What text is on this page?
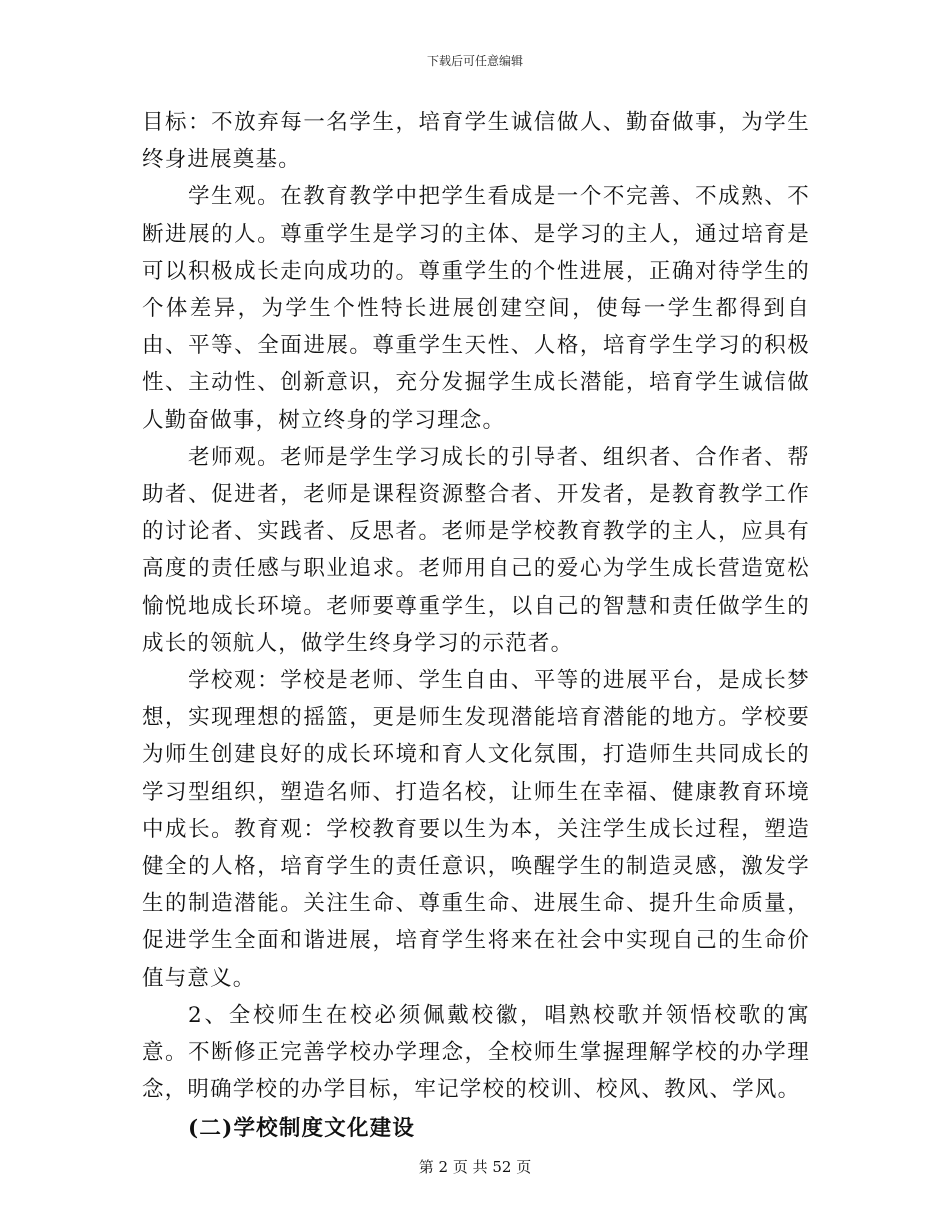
下载后可任意编辑

目标：不放弃每一名学生，培育学生诚信做人、勤奋做事，为学生终身进展奠基。

学生观。在教育教学中把学生看成是一个不完善、不成熟、不断进展的人。尊重学生是学习的主体、是学习的主人，通过培育是可以积极成长走向成功的。尊重学生的个性进展，正确对待学生的个体差异，为学生个性特长进展创建空间，使每一学生都得到自由、平等、全面进展。尊重学生天性、人格，培育学生学习的积极性、主动性、创新意识，充分发掘学生成长潜能，培育学生诚信做人勤奋做事，树立终身的学习理念。

老师观。老师是学生学习成长的引导者、组织者、合作者、帮助者、促进者，老师是课程资源整合者、开发者，是教育教学工作的讨论者、实践者、反思者。老师是学校教育教学的主人，应具有高度的责任感与职业追求。老师用自己的爱心为学生成长营造宽松愉悦地成长环境。老师要尊重学生，以自己的智慧和责任做学生的成长的领航人，做学生终身学习的示范者。

学校观：学校是老师、学生自由、平等的进展平台，是成长梦想，实现理想的摇篮，更是师生发现潜能培育潜能的地方。学校要为师生创建良好的成长环境和育人文化氛围，打造师生共同成长的学习型组织，塑造名师、打造名校，让师生在幸福、健康教育环境中成长。教育观：学校教育要以生为本，关注学生成长过程，塑造健全的人格，培育学生的责任意识，唤醒学生的制造灵感，激发学生的制造潜能。关注生命、尊重生命、进展生命、提升生命质量，促进学生全面和谐进展，培育学生将来在社会中实现自己的生命价值与意义。

2、全校师生在校必须佩戴校徽，唱熟校歌并领悟校歌的寓意。不断修正完善学校办学理念，全校师生掌握理解学校的办学理念，明确学校的办学目标，牢记学校的校训、校风、教风、学风。

(二)学校制度文化建设

第 2 页 共 52 页
